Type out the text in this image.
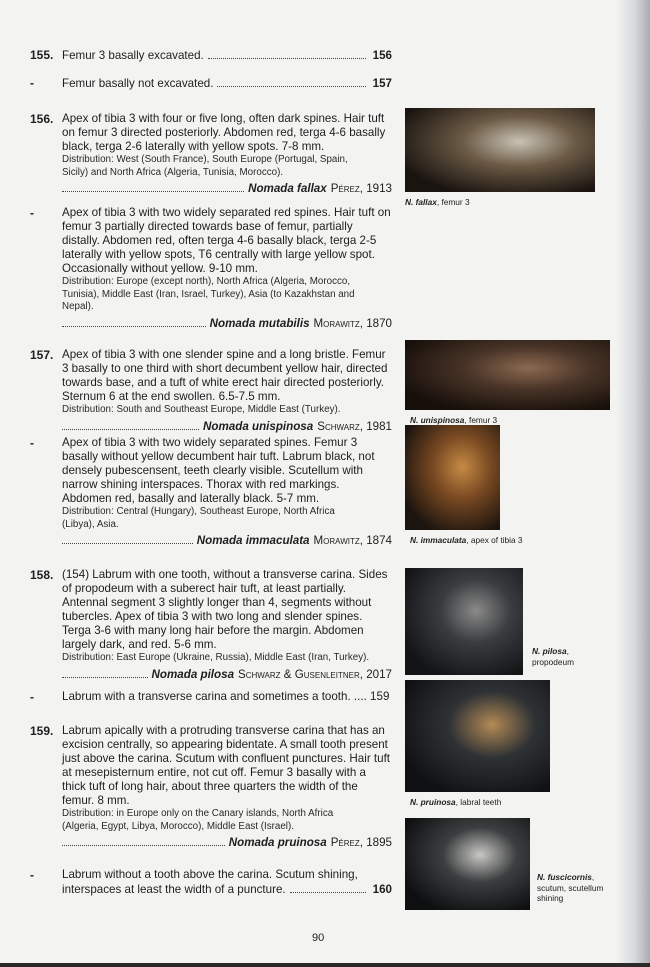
155. Femur 3 basally excavated.	156
- Femur basally not excavated.	157
156. Apex of tibia 3 with four or five long, often dark spines. Hair tuft
on femur 3 directed posteriorly. Abdomen red, terga 4-6 basally
black, terga 2-6 laterally with yellow spots. 7-8 mm.
Distribution: West (South France), South Europe (Portugal, Spain,
Sicily) and North Africa (Algeria, Tunisia, Morocco).
Nomada fallax Pérez, 1913
- Apex of tibia 3 with two widely separated red spines. Hair tuft on
femur 3 partially directed towards base of femur, partially
distally. Abdomen red, often terga 4-6 basally black, terga 2-5
laterally with yellow spots, T6 centrally with large yellow spot.
Occasionally without yellow. 9-10 mm.
Distribution: Europe (except north), North Africa (Algeria, Morocco,
Tunisia), Middle East (Iran, Israel, Turkey), Asia (to Kazakhstan and
Nepal).
Nomada mutabilis Morawitz, 1870
157. Apex of tibia 3 with one slender spine and a long bristle. Femur
3 basally to one third with short decumbent yellow hair, directed
towards base, and a tuft of white erect hair directed posteriorly.
Sternum 6 at the end swollen. 6.5-7.5 mm.
Distribution: South and Southeast Europe, Middle East (Turkey).
Nomada unispinosa Schwarz, 1981
- Apex of tibia 3 with two widely separated spines. Femur 3
basally without yellow decumbent hair tuft. Labrum black, not
densely pubescensent, teeth clearly visible. Scutellum with
narrow shining interspaces. Thorax with red markings.
Abdomen red, basally and laterally black. 5-7 mm.
Distribution: Central (Hungary), Southeast Europe, North Africa
(Libya), Asia.
Nomada immaculata Morawitz, 1874
158. (154) Labrum with one tooth, without a transverse carina. Sides
of propodeum with a suberect hair tuft, at least partially.
Antennal segment 3 slightly longer than 4, segments without
tubercles. Apex of tibia 3 with two long and slender spines.
Terga 3-6 with many long hair before the margin. Abdomen
largely dark, and red. 5-6 mm.
Distribution: East Europe (Ukraine, Russia), Middle East (Iran, Turkey).
Nomada pilosa Schwarz & Gusenleitner, 2017
- Labrum with a transverse carina and sometimes a tooth. .... 159
159. Labrum apically with a protruding transverse carina that has an
excision centrally, so appearing bidentate. A small tooth present
just above the carina. Scutum with confluent punctures. Hair tuft
at mesepisternum entire, not cut off. Femur 3 basally with a
thick tuft of long hair, about three quarters the width of the
femur. 8 mm.
Distribution: in Europe only on the Canary islands, North Africa
(Algeria, Egypt, Libya, Morocco), Middle East (Israel).
Nomada pruinosa Pérez, 1895
- Labrum without a tooth above the carina. Scutum shining,
interspaces at least the width of a puncture.	160
N. fallax, femur 3
N. unispinosa, femur 3
N. immaculata, apex of tibia 3
N. pilosa,
propodeum
N. pruinosa, labral teeth
N. fuscicornis,
scutum, scutellum
shining
90
